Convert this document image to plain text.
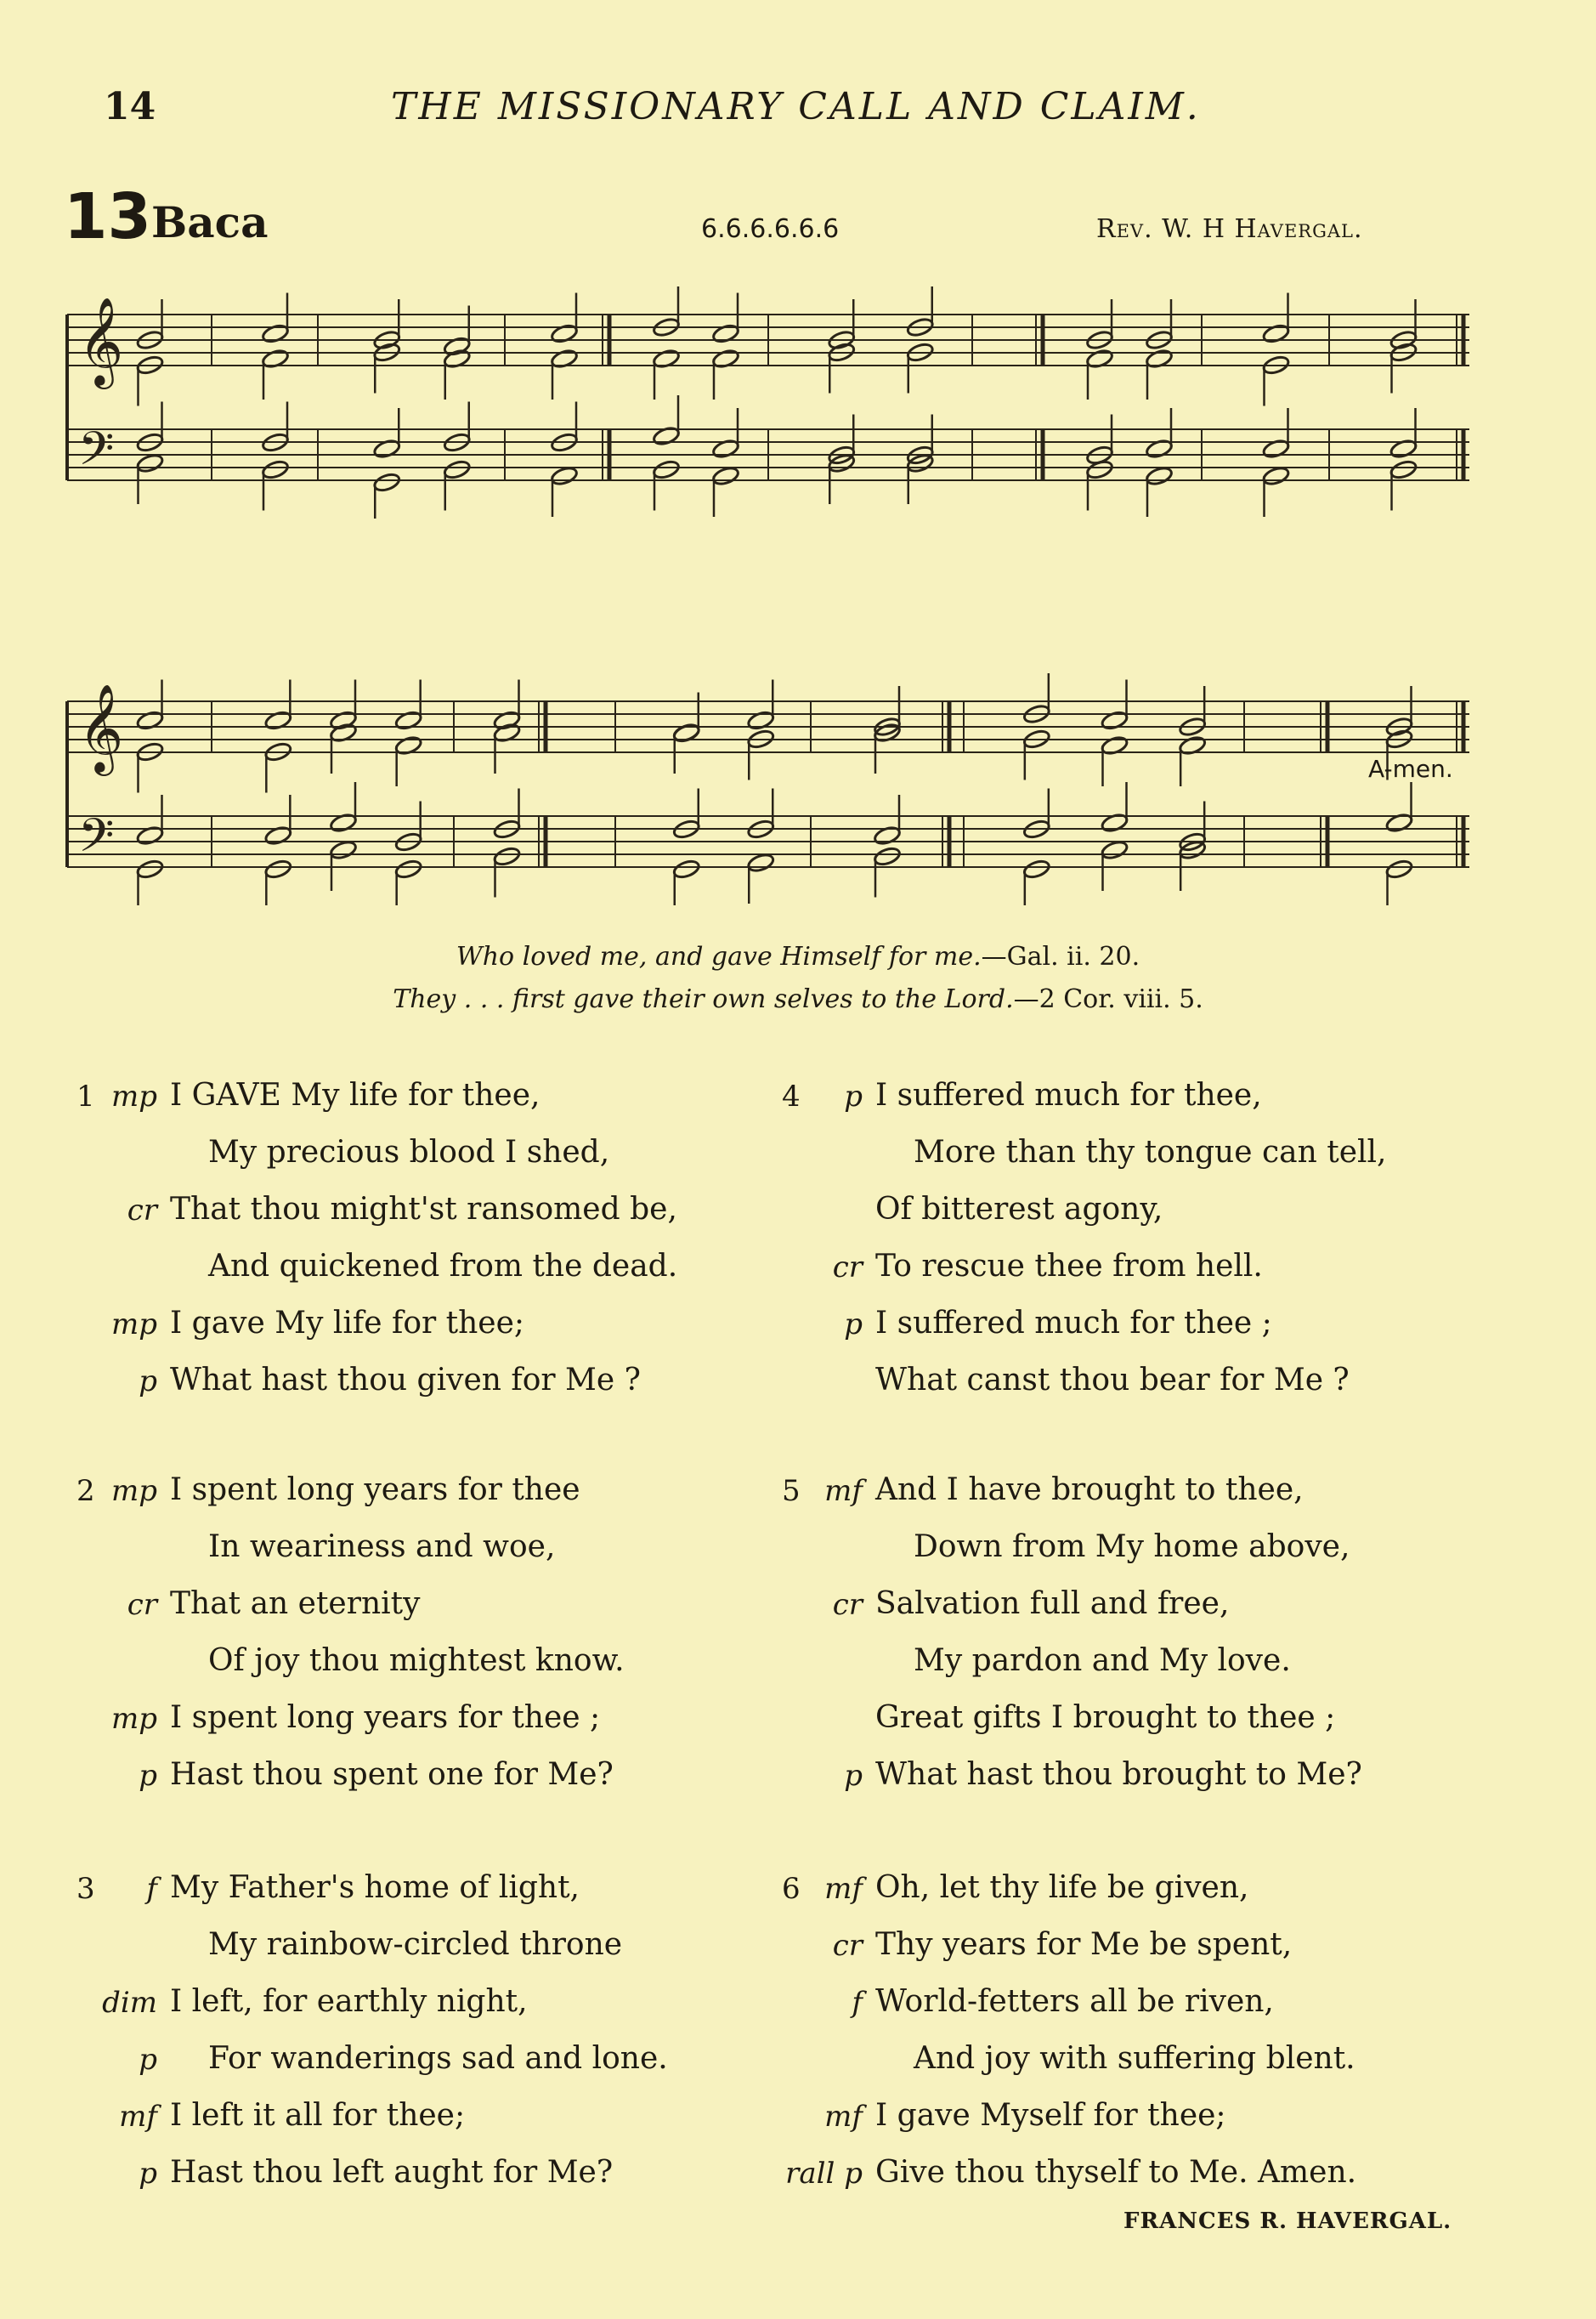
14	THE MISSIONARY CALL AND CLAIM.
13 Baca	6.6.6.6.6.6	Rev. W. H Havergal.
𝄞
𝄢
𝄞
𝄢
A-men.
Who loved me, and gave Himself for me.—Gal. ii. 20.
They . . . first gave their own selves to the Lord.—2 Cor. viii. 5.
1 mp I GAVE My life for thee,
My precious blood I shed,
cr That thou might'st ransomed be,
And quickened from the dead.
mp I gave My life for thee;
p What hast thou given for Me ?
2 mp I spent long years for thee
In weariness and woe,
cr That an eternity
Of joy thou mightest know.
mp I spent long years for thee ;
p Hast thou spent one for Me?
3 f My Father's home of light,
My rainbow-circled throne
dim I left, for earthly night,
p For wanderings sad and lone.
mf I left it all for thee;
p Hast thou left aught for Me?
4 p I suffered much for thee,
More than thy tongue can tell,
Of bitterest agony,
cr To rescue thee from hell.
p I suffered much for thee ;
What canst thou bear for Me ?
5 mf And I have brought to thee,
Down from My home above,
cr Salvation full and free,
My pardon and My love.
Great gifts I brought to thee ;
p What hast thou brought to Me?
6 mf Oh, let thy life be given,
cr Thy years for Me be spent,
f World-fetters all be riven,
And joy with suffering blent.
mf I gave Myself for thee;
rall p Give thou thyself to Me. Amen.
FRANCES R. HAVERGAL.
